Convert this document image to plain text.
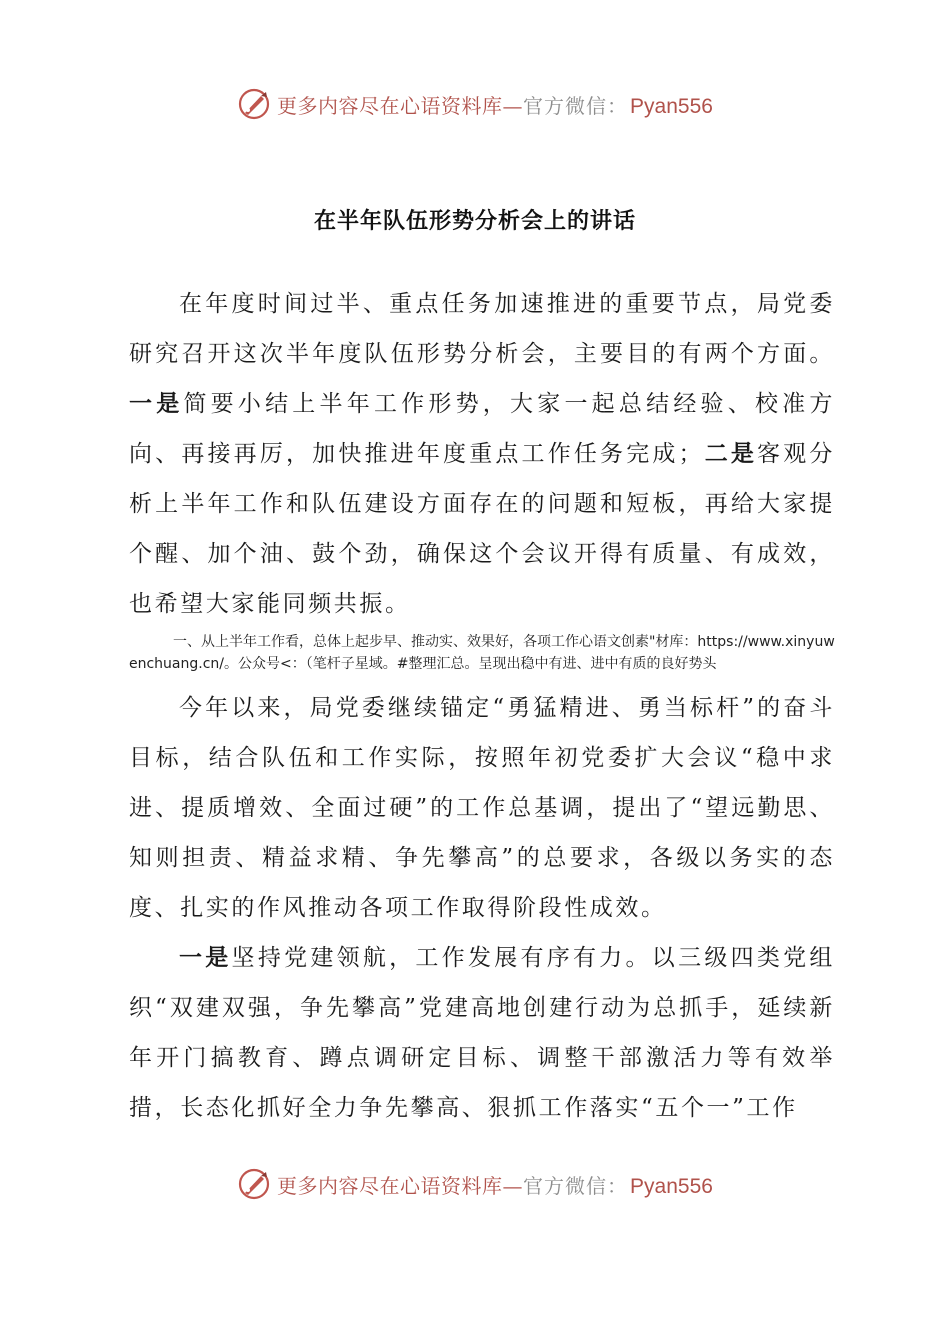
更多内容尽在心语资料库— 官方微信： Pyan556
在半年队伍形势分析会上的讲话

在年度时间过半、重点任务加速推进的重要节点，局党委研究召开这次半年度队伍形势分析会，主要目的有两个方面。一是简要小结上半年工作形势，大家一起总结经验、校准方向、再接再厉，加快推进年度重点工作任务完成；二是客观分析上半年工作和队伍建设方面存在的问题和短板，再给大家提个醒、加个油、鼓个劲，确保这个会议开得有质量、有成效，也希望大家能同频共振。

一、从上半年工作看，总体上起步早、推动实、效果好，各项工作心语文创素"材库：https://www.xinyuwenchuang.cn/。公众号<：（笔杆子星域。#整理汇总。呈现出稳中有进、进中有质的良好势头

今年以来，局党委继续锚定“勇猛精进、勇当标杆”的奋斗目标，结合队伍和工作实际，按照年初党委扩大会议“稳中求进、提质增效、全面过硬”的工作总基调，提出了“望远勤思、知则担责、精益求精、争先攀高”的总要求，各级以务实的态度、扎实的作风推动各项工作取得阶段性成效。

一是坚持党建领航，工作发展有序有力。以三级四类党组织“双建双强，争先攀高”党建高地创建行动为总抓手，延续新年开门搞教育、蹲点调研定目标、调整干部激活力等有效举措，长态化抓好全力争先攀高、狠抓工作落实“五个一”工作

更多内容尽在心语资料库— 官方微信： Pyan556
